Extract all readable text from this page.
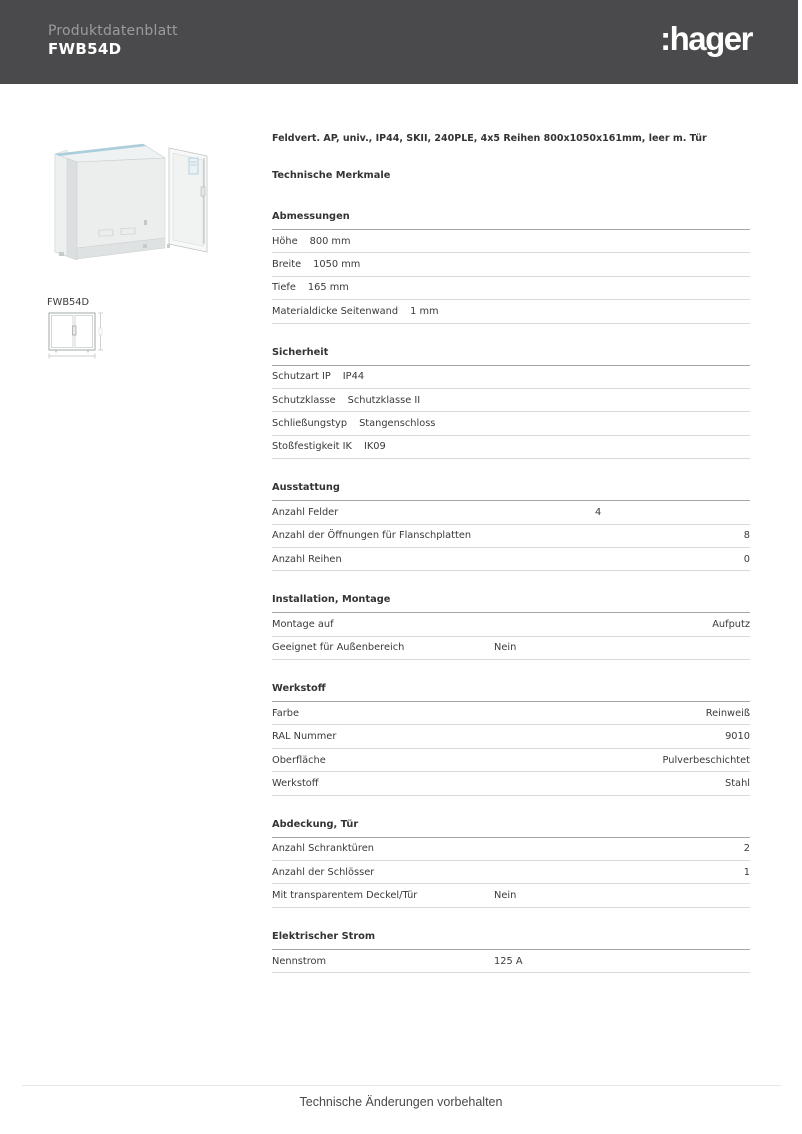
Produktdatenblatt
FWB54D	:hager
FWB54D
Feldvert. AP, univ., IP44, SKII, 240PLE, 4x5 Reihen 800x1050x161mm, leer m. Tür
Technische Merkmale
Abmessungen
Höhe 800 mm
Breite 1050 mm
Tiefe 165 mm
Materialdicke Seitenwand 1 mm
Sicherheit
Schutzart IP IP44
Schutzklasse Schutzklasse II
Schließungstyp Stangenschloss
Stoßfestigkeit IK IK09
Ausstattung
Anzahl Felder	4
Anzahl der Öffnungen für Flanschplatten	8
Anzahl Reihen	0
Installation, Montage
Montage auf	Aufputz
Geeignet für Außenbereich	Nein
Werkstoff
Farbe	Reinweiß
RAL Nummer	9010
Oberfläche	Pulverbeschichtet
Werkstoff	Stahl
Abdeckung, Tür
Anzahl Schranktüren	2
Anzahl der Schlösser	1
Mit transparentem Deckel/Tür	Nein
Elektrischer Strom
Nennstrom	125 A
Technische Änderungen vorbehalten
